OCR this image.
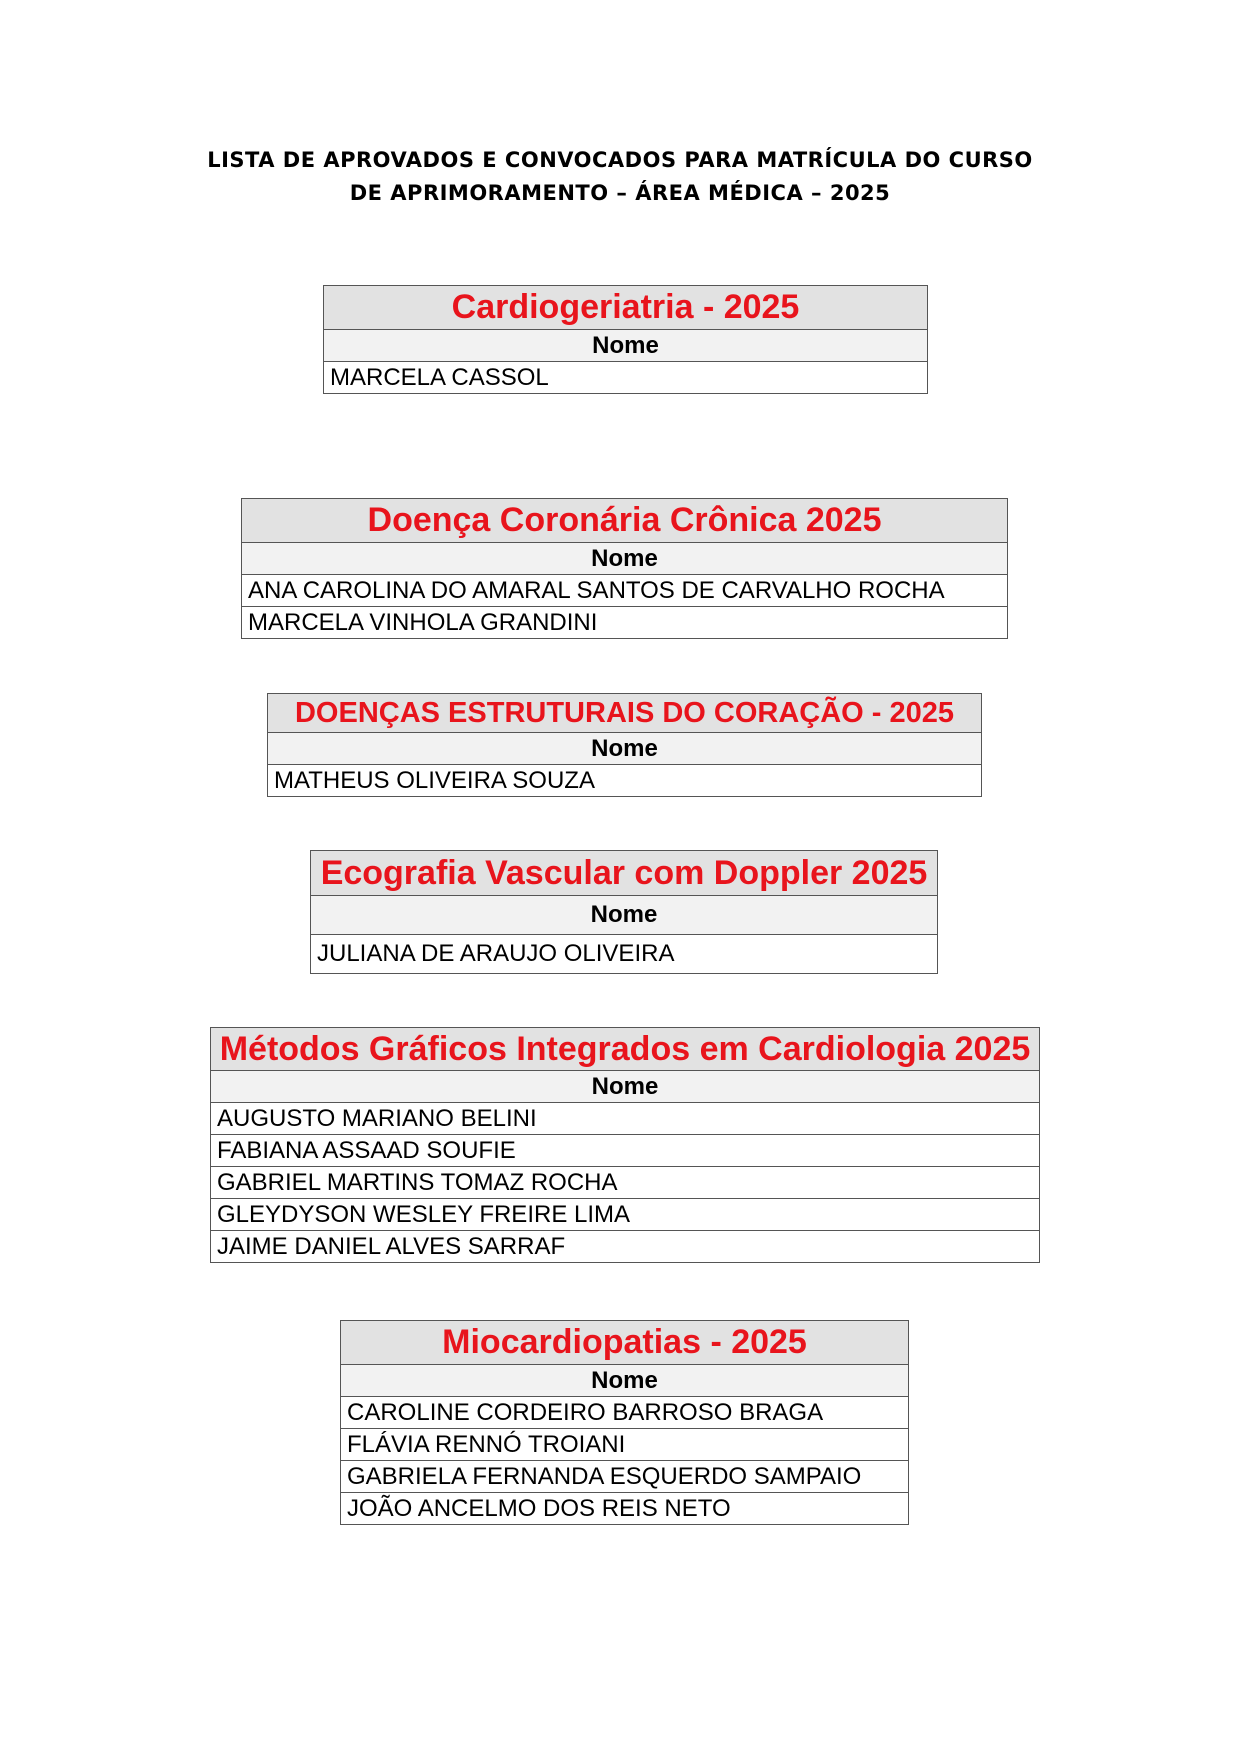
LISTA DE APROVADOS E CONVOCADOS PARA MATRÍCULA DO CURSO
DE APRIMORAMENTO – ÁREA MÉDICA – 2025
Cardiogeriatria - 2025
Nome
MARCELA CASSOL
Doença Coronária Crônica 2025
Nome
ANA CAROLINA DO AMARAL SANTOS DE CARVALHO ROCHA
MARCELA VINHOLA GRANDINI
DOENÇAS ESTRUTURAIS DO CORAÇÃO - 2025
Nome
MATHEUS OLIVEIRA SOUZA
Ecografia Vascular com Doppler 2025
Nome
JULIANA DE ARAUJO OLIVEIRA
Métodos Gráficos Integrados em Cardiologia 2025
Nome
AUGUSTO MARIANO BELINI
FABIANA ASSAAD SOUFIE
GABRIEL MARTINS TOMAZ ROCHA
GLEYDYSON WESLEY FREIRE LIMA
JAIME DANIEL ALVES SARRAF
Miocardiopatias - 2025
Nome
CAROLINE CORDEIRO BARROSO BRAGA
FLÁVIA RENNÓ TROIANI
GABRIELA FERNANDA ESQUERDO SAMPAIO
JOÃO ANCELMO DOS REIS NETO
